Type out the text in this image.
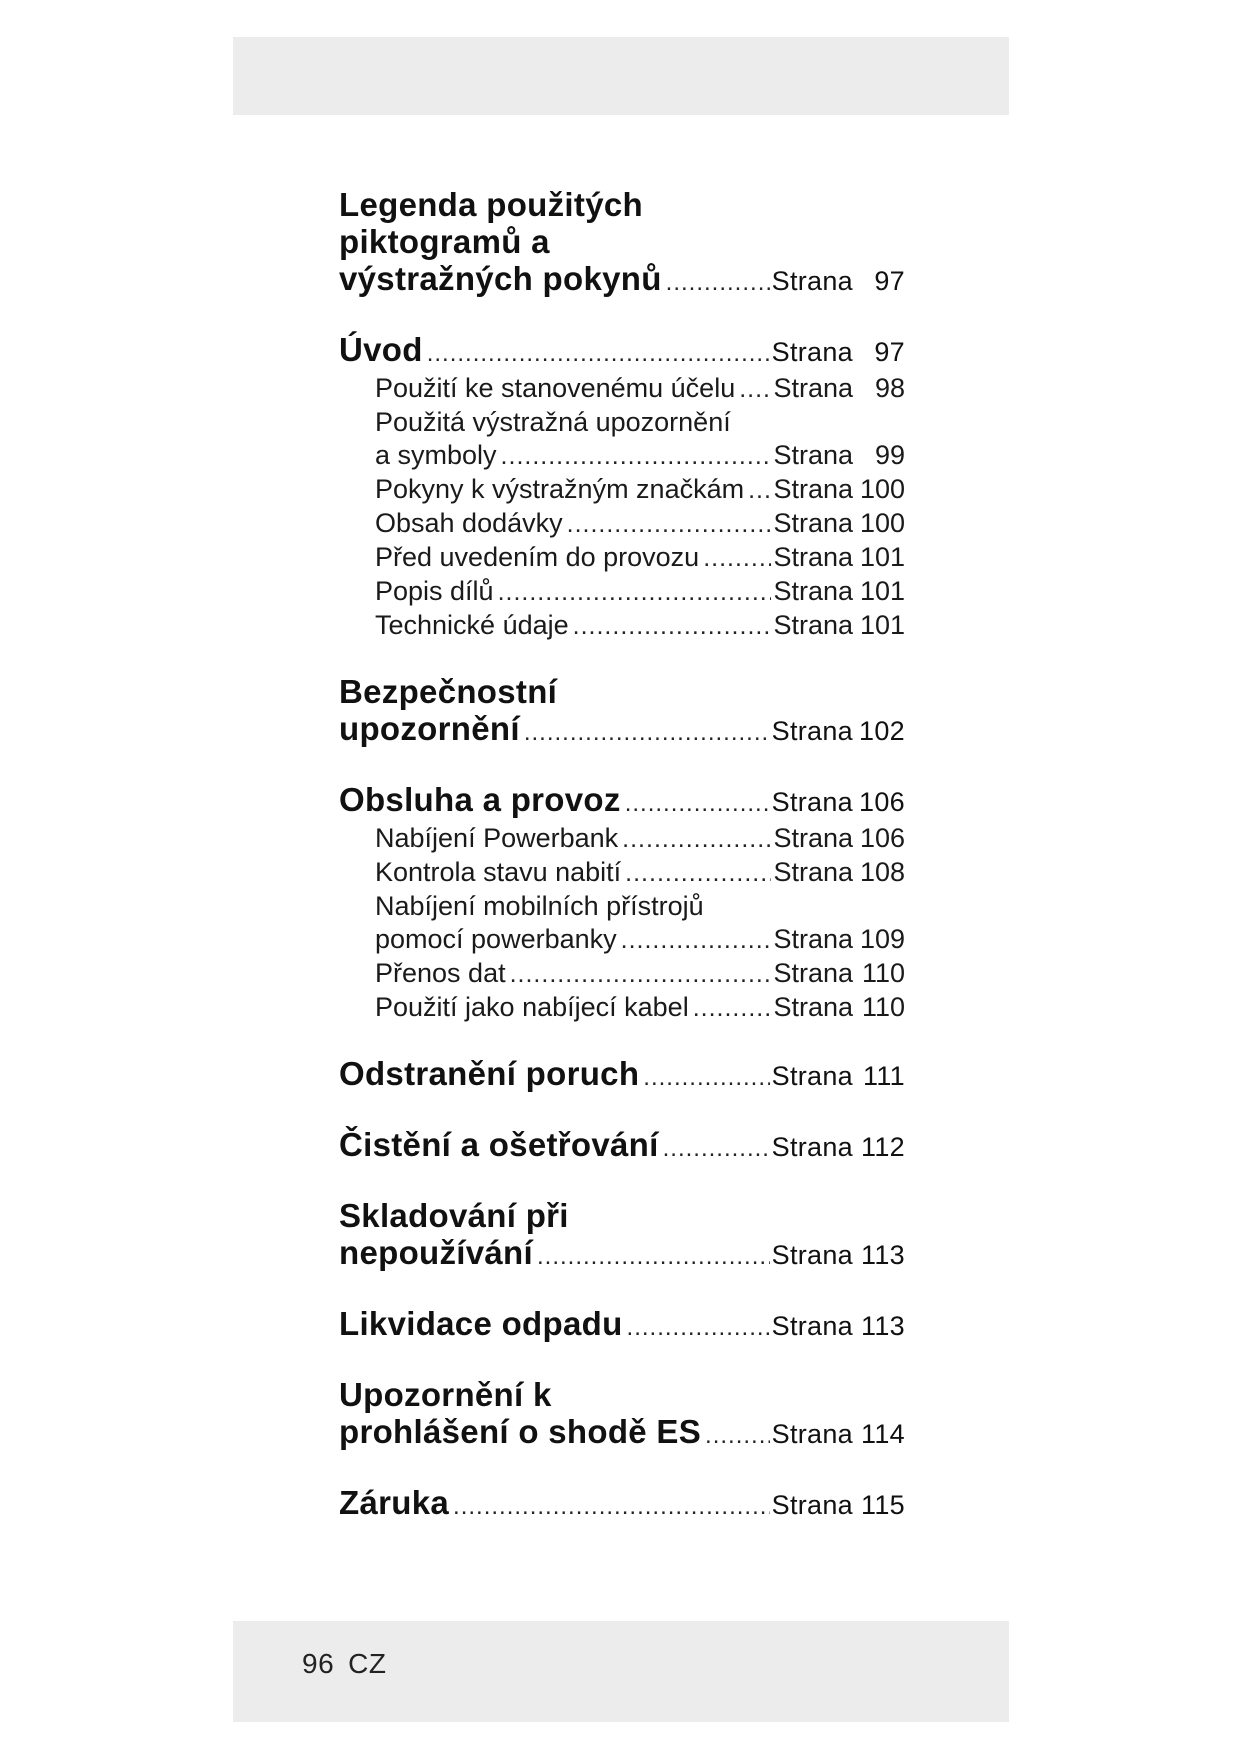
Legenda použitých
piktogramů a
výstražných pokynů .....	Strana 97
Úvod .....	Strana 97
Použití ke stanovenému účelu ..... Strana 98
Použitá výstražná upozornění
a symboly .....	Strana 99
Pokyny k výstražným značkám ..... Strana 100
Obsah dodávky .....	Strana 100
Před uvedením do provozu .....	Strana 101
Popis dílů .....	Strana 101
Technické údaje .....	Strana 101
Bezpečnostní
upozornění .....	Strana 102
Obsluha a provoz .....	Strana 106
Nabíjení Powerbank .....	Strana 106
Kontrola stavu nabití .....	Strana 108
Nabíjení mobilních přístrojů
pomocí powerbanky .....	Strana 109
Přenos dat .....	Strana 110
Použití jako nabíjecí kabel .....	Strana 110
Odstranění poruch .....	Strana 111
Čistění a ošetřování .....	Strana 112
Skladování při
nepoužívání .....	Strana 113
Likvidace odpadu .....	Strana 113
Upozornění k
prohlášení o shodě ES .....	Strana 114
Záruka .....	Strana 115
96 CZ
